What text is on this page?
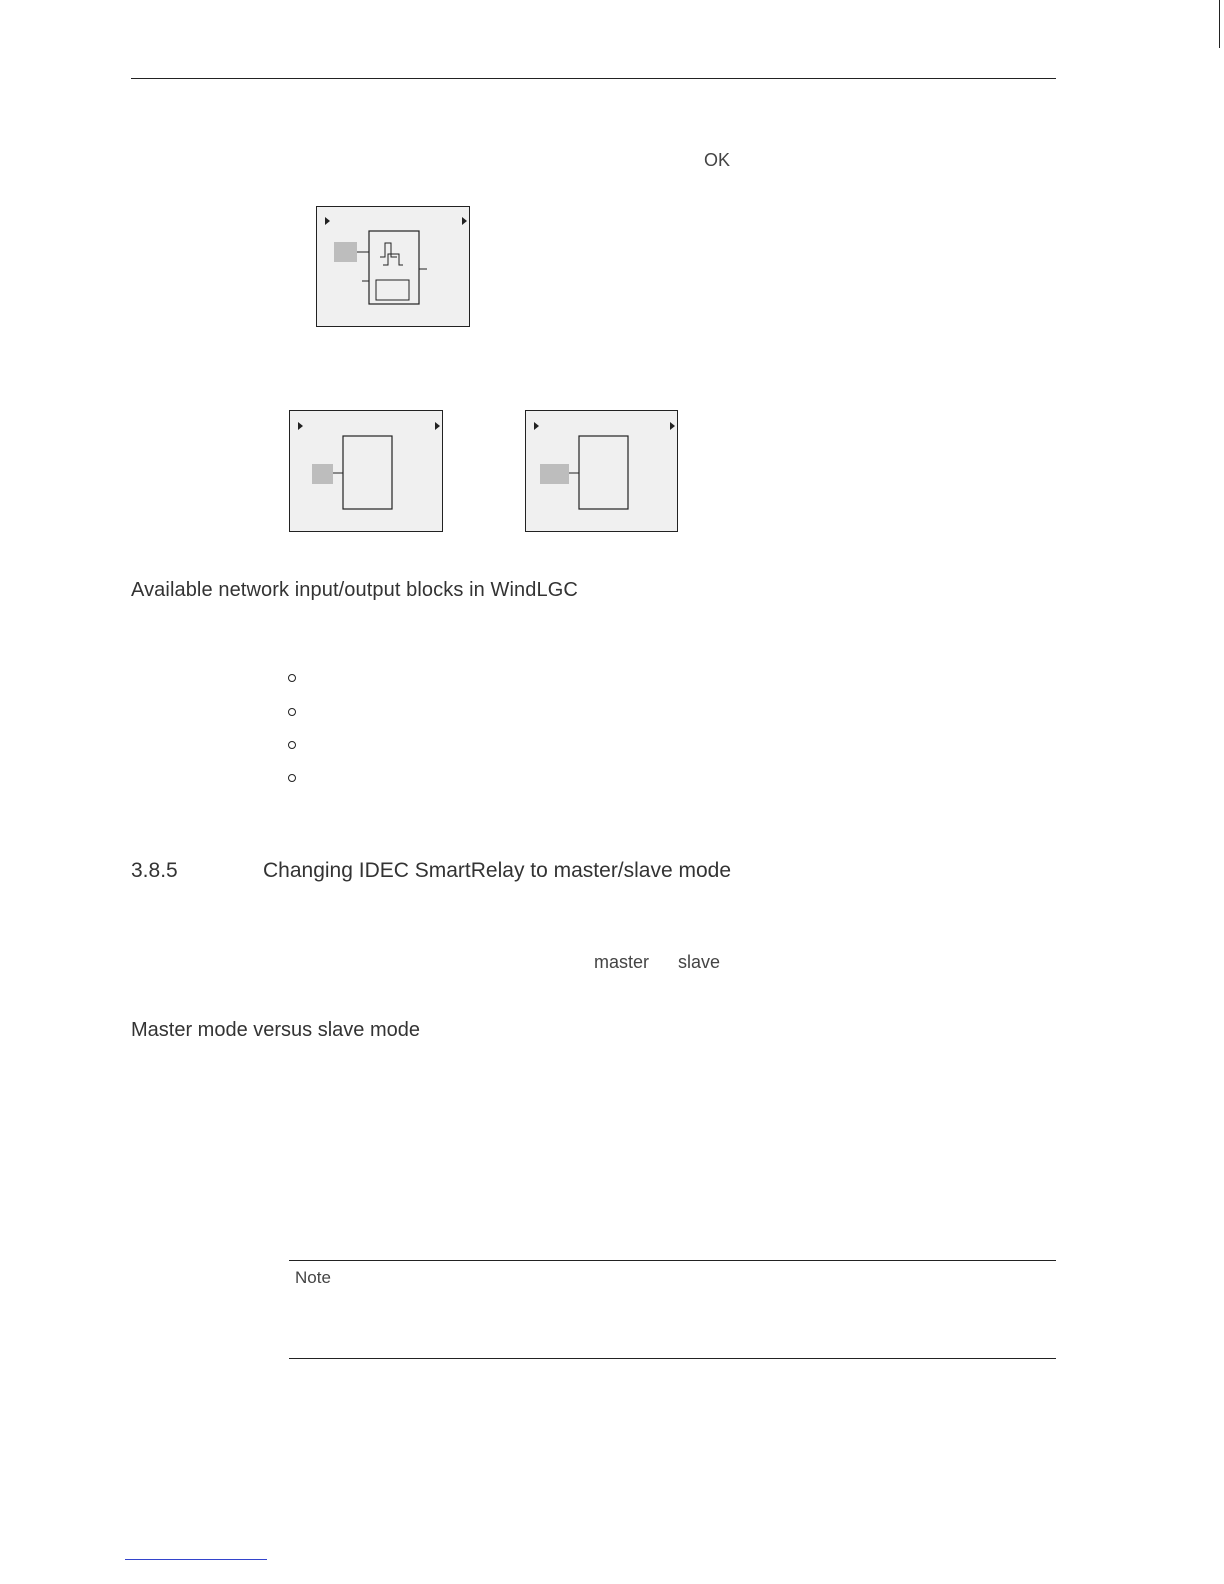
OK
Available network input/output blocks in WindLGC
3.8.5	Changing IDEC SmartRelay to master/slave mode
master slave
Master mode versus slave mode
Note
